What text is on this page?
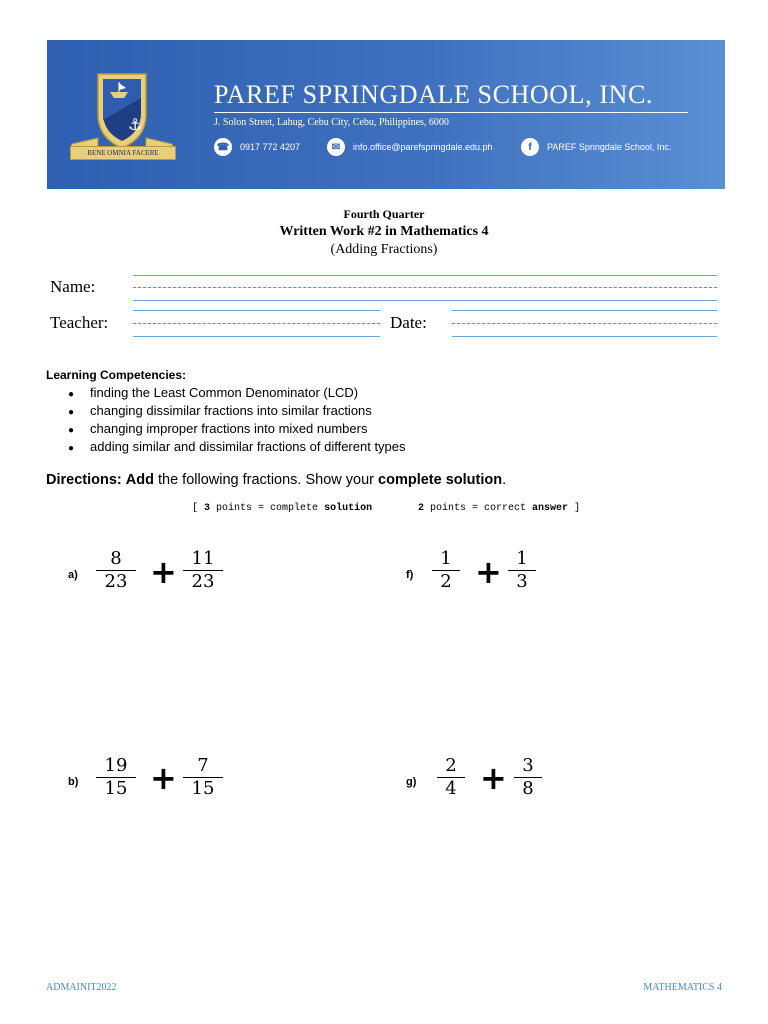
⚓
BENE OMNIA FACERE
PAREF SPRINGDALE SCHOOL, INC.
J. Solon Street, Lahug, Cebu City, Cebu, Philippines, 6000
☎	0917 772 4207	✉	info.office@parefspringdale.edu.ph	f	PAREF Springdale School, Inc.
Fourth Quarter
Written Work #2 in Mathematics 4
(Adding Fractions)
Name:
Teacher:	Date:
Learning Competencies:
● finding the Least Common Denominator (LCD)
● changing dissimilar fractions into similar fractions
● changing improper fractions into mixed numbers
● adding similar and dissimilar fractions of different types
Directions: Add the following fractions. Show your complete solution.
[ 3 points = complete solution	2 points = correct answer ]
a)
8
23 + 11
23	f)
1
2 + 1
3
b)
19
15 + 7
15	g)
2
4 + 3
8
ADMAINIT2022	MATHEMATICS 4
